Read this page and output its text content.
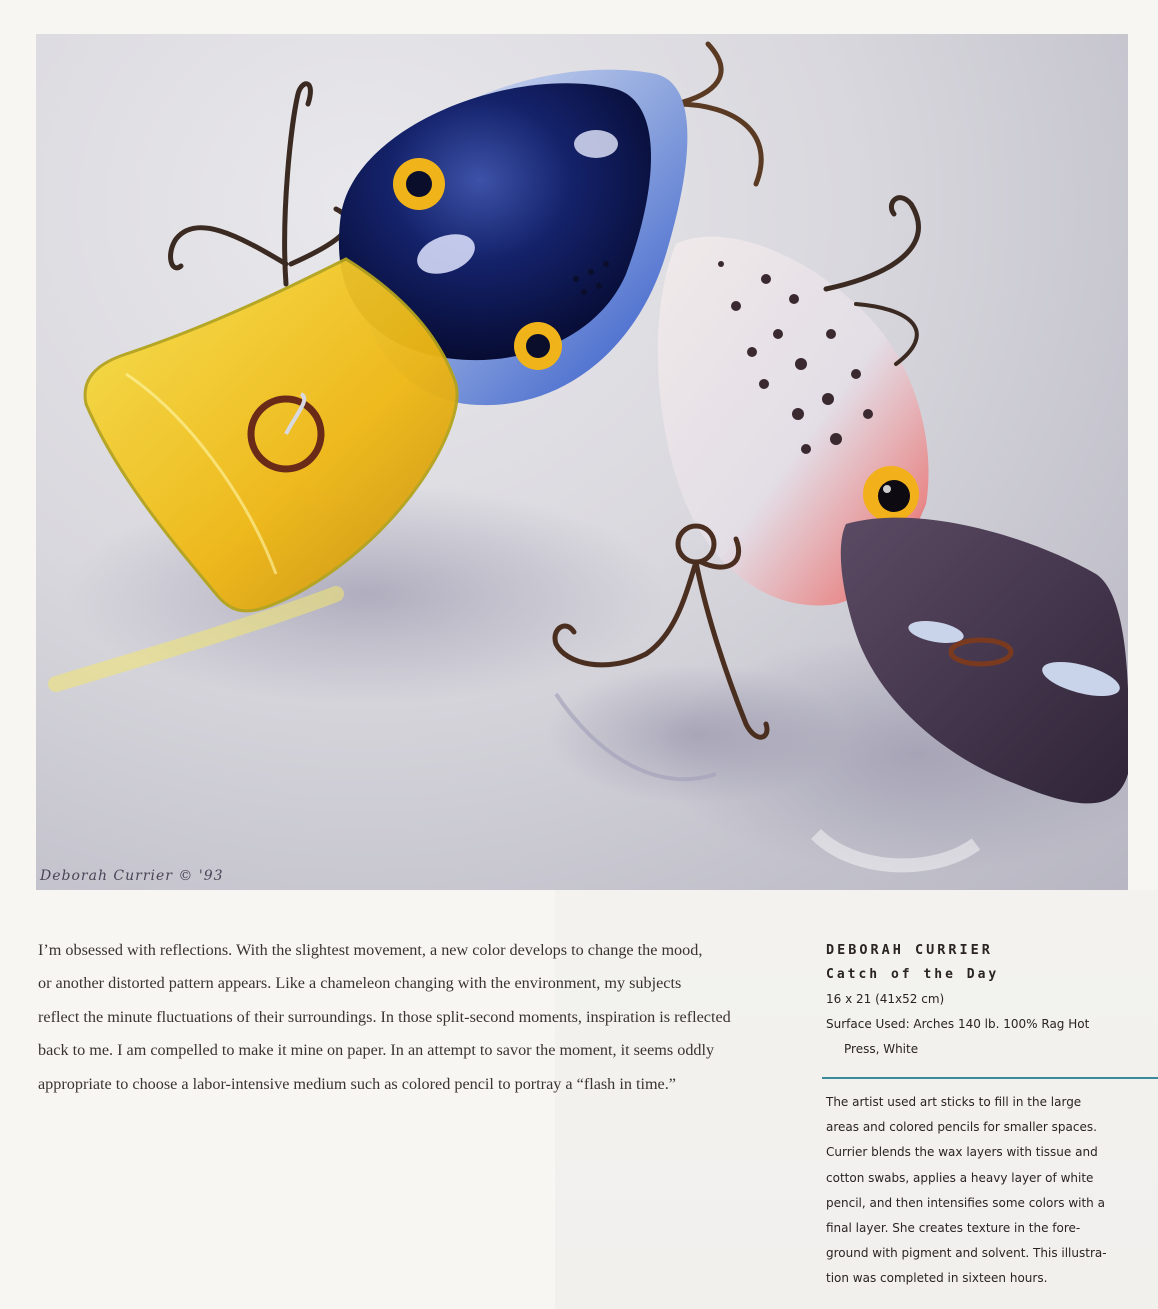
Deborah Currier © '93
I’m obsessed with reflections. With the slightest movement, a new color develops to change the mood,
or another distorted pattern appears. Like a chameleon changing with the environment, my subjects
reflect the minute fluctuations of their surroundings. In those split-second moments, inspiration is reflected
back to me. I am compelled to make it mine on paper. In an attempt to savor the moment, it seems oddly
appropriate to choose a labor-intensive medium such as colored pencil to portray a “flash in time.”
DEBORAH CURRIER
Catch of the Day
16 x 21 (41x52 cm)
Surface Used: Arches 140 lb. 100% Rag Hot
Press, White
The artist used art sticks to fill in the large
areas and colored pencils for smaller spaces.
Currier blends the wax layers with tissue and
cotton swabs, applies a heavy layer of white
pencil, and then intensifies some colors with a
final layer. She creates texture in the fore-
ground with pigment and solvent. This illustra-
tion was completed in sixteen hours.
